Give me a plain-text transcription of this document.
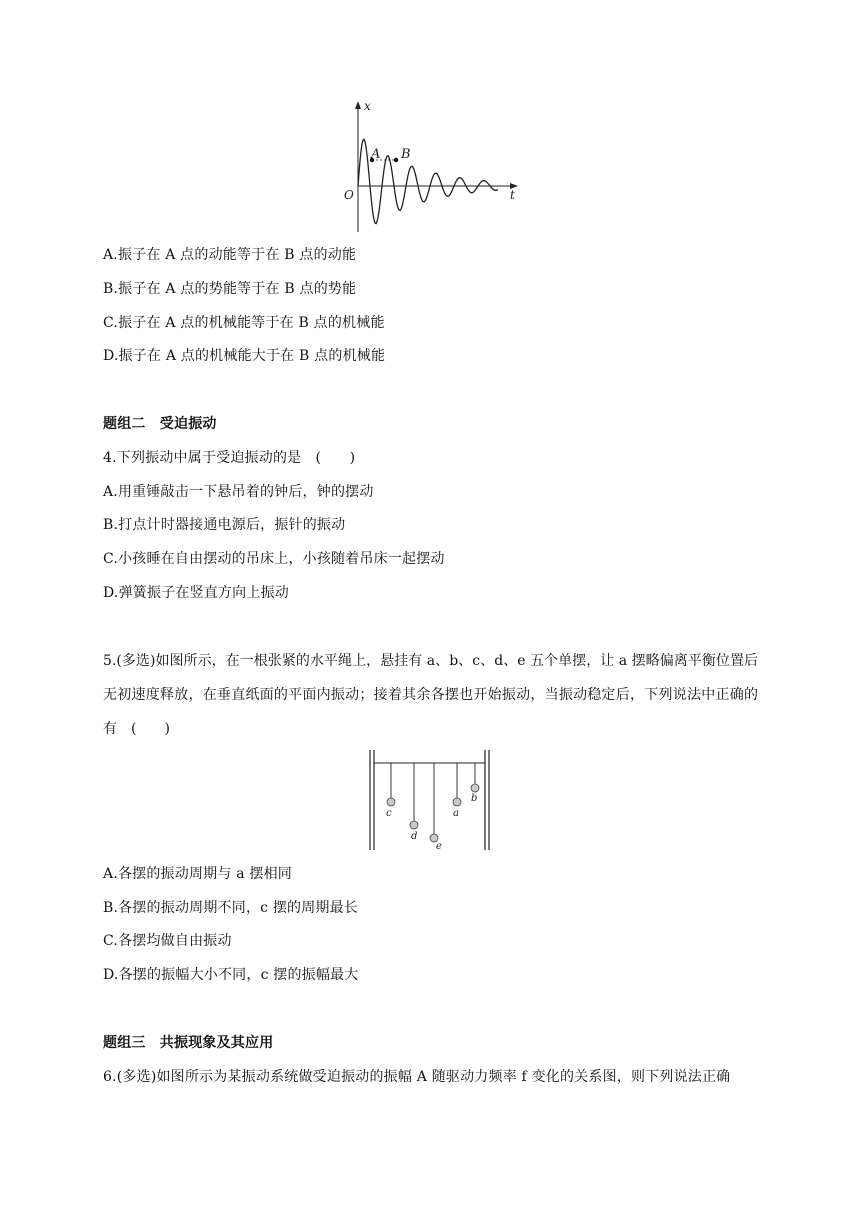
A B
x
t
O
A.振子在 A 点的动能等于在 B 点的动能
B.振子在 A 点的势能等于在 B 点的势能
C.振子在 A 点的机械能等于在 B 点的机械能
D.振子在 A 点的机械能大于在 B 点的机械能
题组二　受迫振动
4.下列振动中属于受迫振动的是　(　　)
A.用重锤敲击一下悬吊着的钟后，钟的摆动
B.打点计时器接通电源后，振针的振动
C.小孩睡在自由摆动的吊床上，小孩随着吊床一起摆动
D.弹簧振子在竖直方向上振动
5.(多选)如图所示，在一根张紧的水平绳上，悬挂有 a、b、c、d、e 五个单摆，让 a 摆略偏离平衡位置后无初速度释放，在垂直纸面的平面内振动；接着其余各摆也开始振动，当振动稳定后，下列说法中正确的有　(　　)
c
d
e
a
b
A.各摆的振动周期与 a 摆相同
B.各摆的振动周期不同，c 摆的周期最长
C.各摆均做自由振动
D.各摆的振幅大小不同，c 摆的振幅最大
题组三　共振现象及其应用
6.(多选)如图所示为某振动系统做受迫振动的振幅 A 随驱动力频率 f 变化的关系图，则下列说法正确
